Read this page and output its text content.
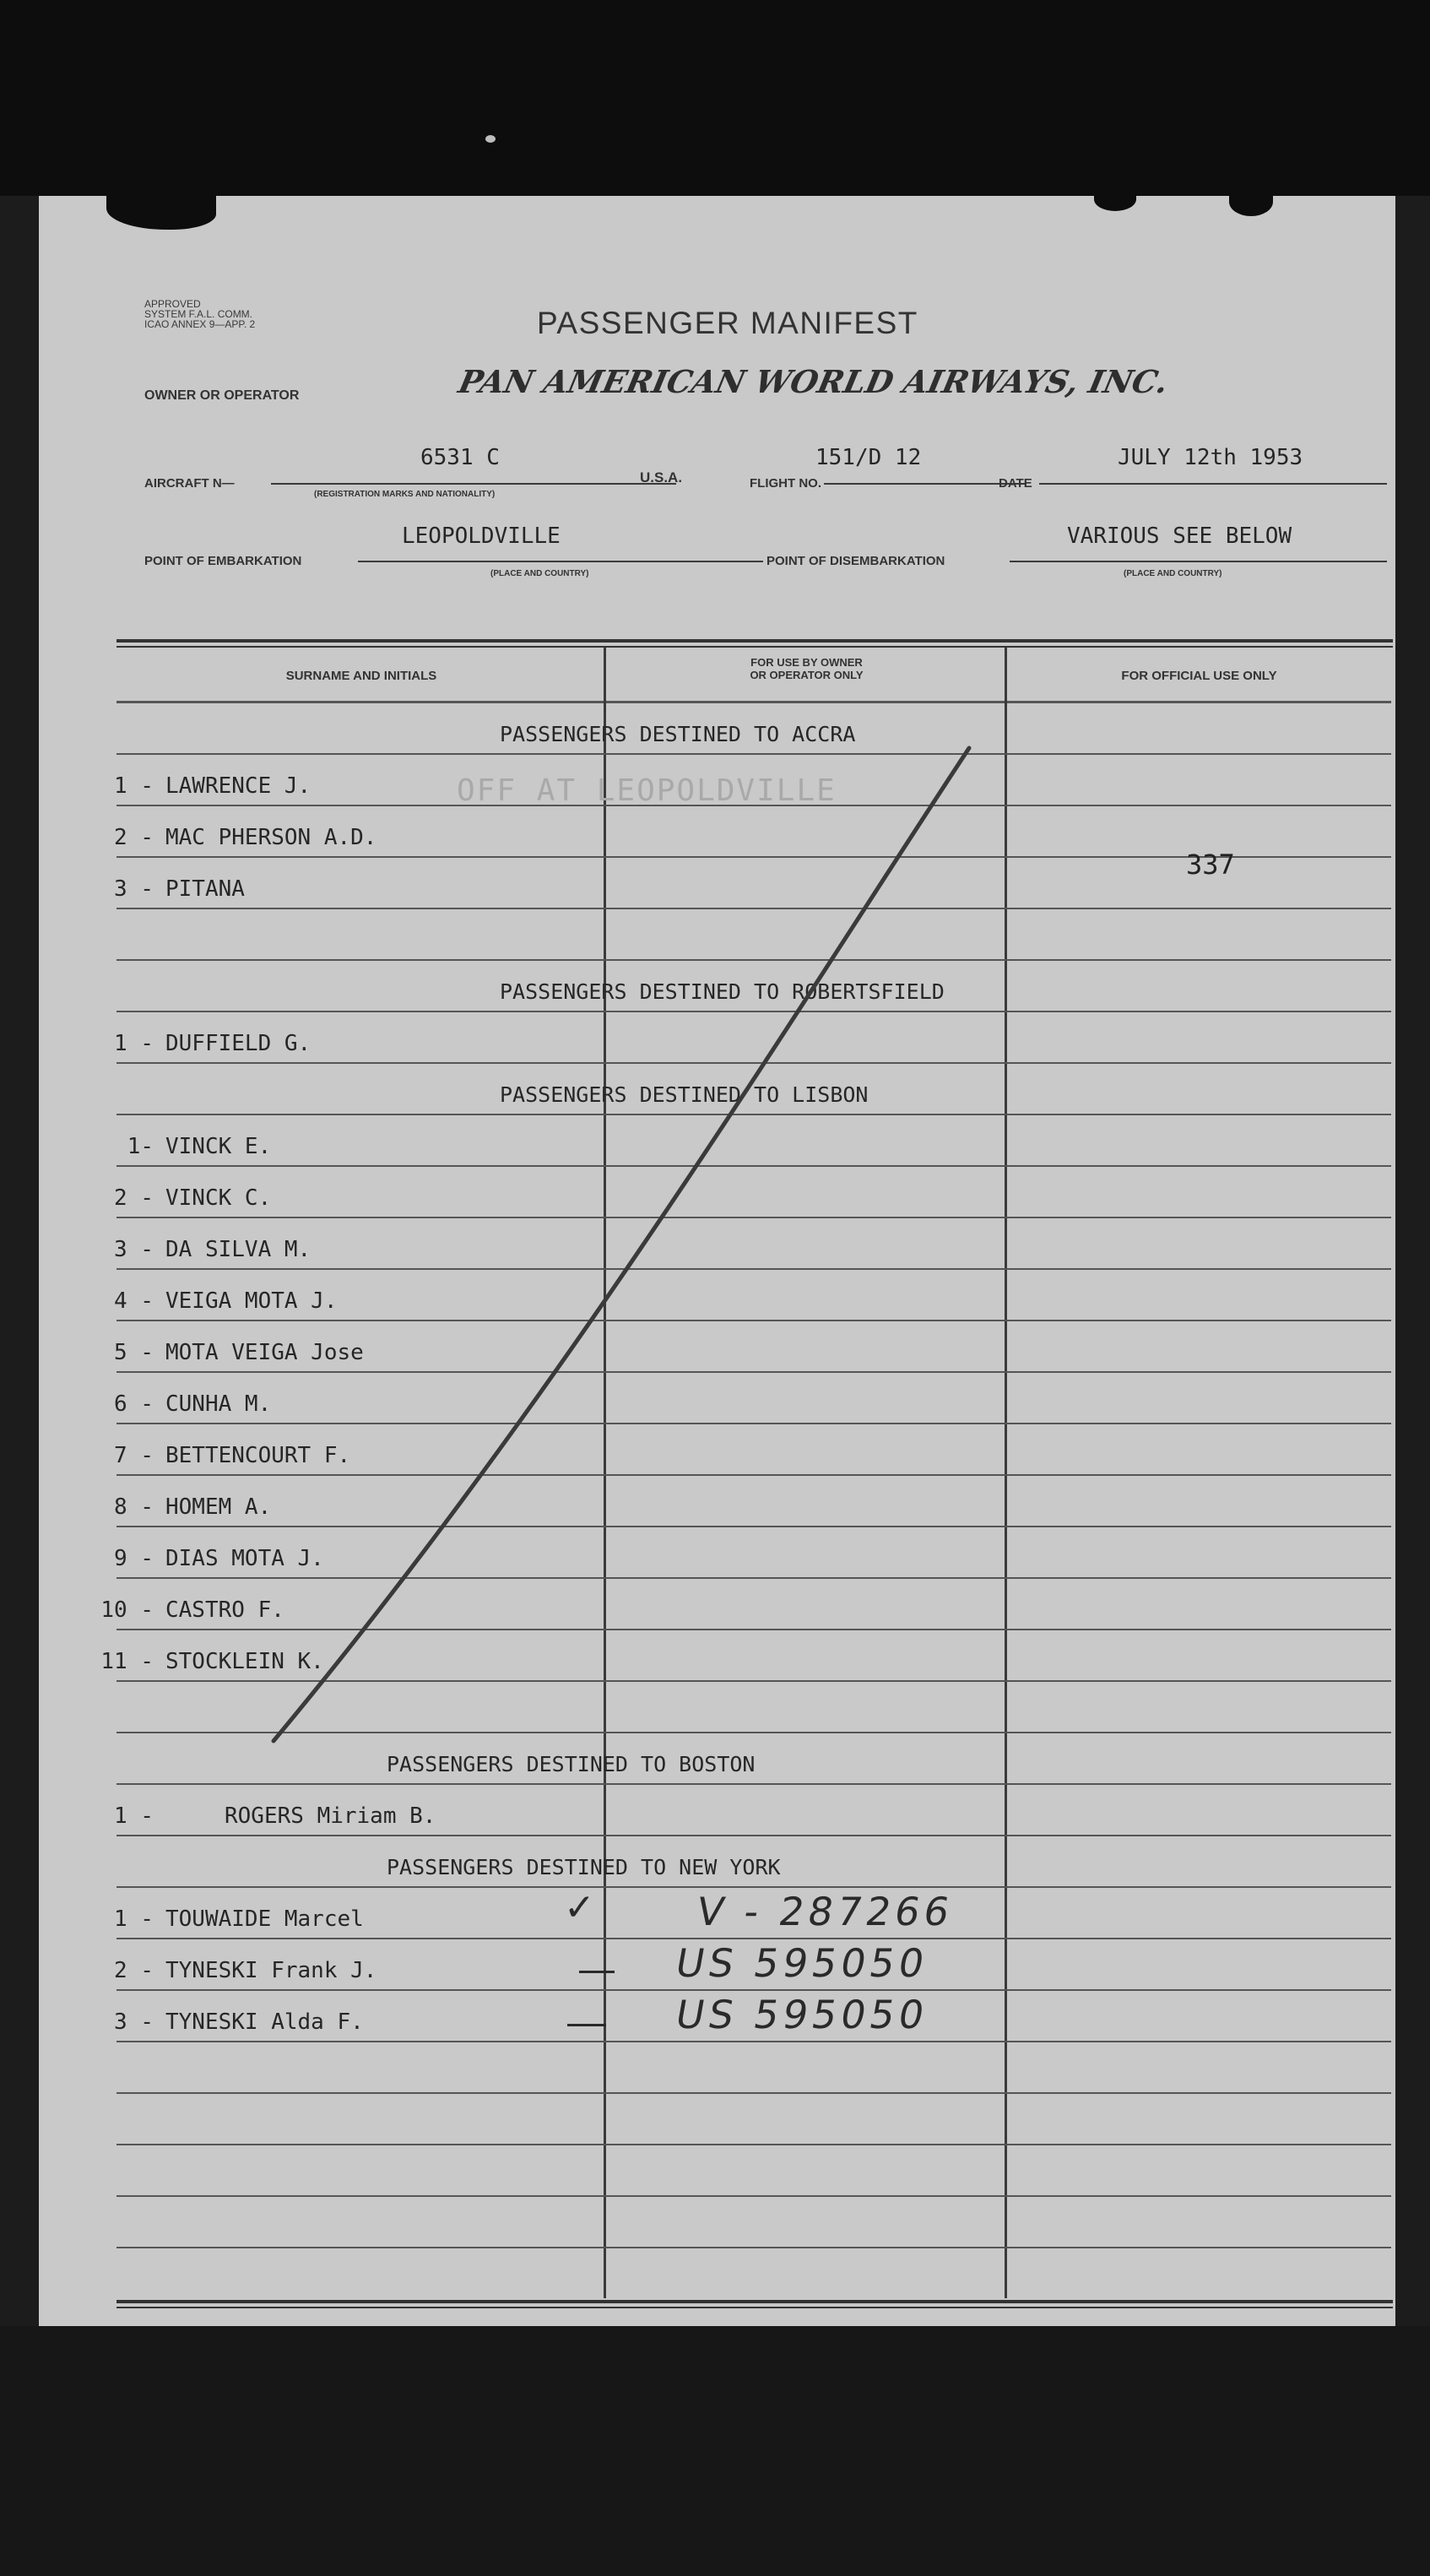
APPROVED
SYSTEM F.A.L. COMM.
ICAO ANNEX 9—APP. 2	PASSENGER MANIFEST
OWNER OR OPERATOR	PAN AMERICAN WORLD AIRWAYS, INC.
AIRCRAFT N—
6531 C
(REGISTRATION MARKS AND NATIONALITY)
U.S.A.	FLIGHT NO.
151/D 12
DATE
JULY 12th 1953
POINT OF EMBARKATION
LEOPOLDVILLE
(PLACE AND COUNTRY)
POINT OF DISEMBARKATION
VARIOUS SEE BELOW
(PLACE AND COUNTRY)
SURNAME AND INITIALS
FOR USE BY OWNER
OR OPERATOR ONLY	FOR OFFICIAL USE ONLY
PASSENGERS DESTINED TO ACCRA
1 - LAWRENCE J.	OFF AT LEOPOLDVILLE
2 - MAC PHERSON A.D.
337
3 - PITANA
PASSENGERS DESTINED TO ROBERTSFIELD
1 - DUFFIELD G.
PASSENGERS DESTINED TO LISBON
1- VINCK E.
2 - VINCK C.
3 - DA SILVA M.
4 - VEIGA MOTA J.
5 - MOTA VEIGA Jose
6 - CUNHA M.
7 - BETTENCOURT F.
8 - HOMEM A.
9 - DIAS MOTA J.
10 - CASTRO F.
11 - STOCKLEIN K.
PASSENGERS DESTINED TO BOSTON
1 -	ROGERS Miriam B.
PASSENGERS DESTINED TO NEW YORK
1 - TOUWAIDE Marcel	✓	V - 287266
2 - TYNESKI Frank J.	US 595050
3 - TYNESKI Alda F.	US 595050
